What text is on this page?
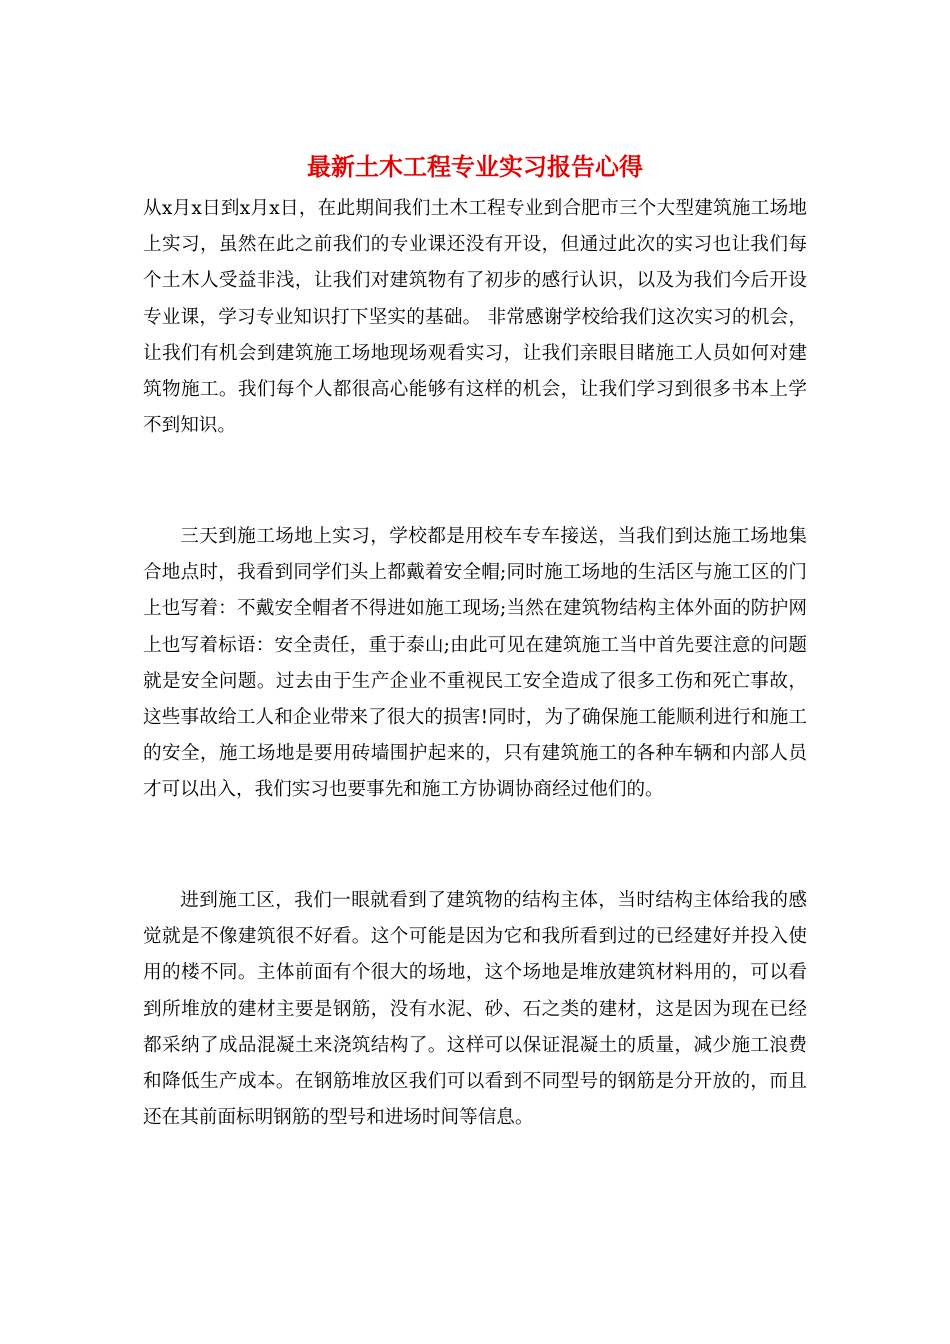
最新土木工程专业实习报告心得

从x月x日到x月x日，在此期间我们土木工程专业到合肥市三个大型建筑施工场地上实习，虽然在此之前我们的专业课还没有开设，但通过此次的实习也让我们每个土木人受益非浅，让我们对建筑物有了初步的感行认识，以及为我们今后开设专业课，学习专业知识打下坚实的基础。 非常感谢学校给我们这次实习的机会，让我们有机会到建筑施工场地现场观看实习，让我们亲眼目睹施工人员如何对建筑物施工。我们每个人都很高心能够有这样的机会，让我们学习到很多书本上学不到知识。

三天到施工场地上实习，学校都是用校车专车接送，当我们到达施工场地集合地点时，我看到同学们头上都戴着安全帽;同时施工场地的生活区与施工区的门上也写着：不戴安全帽者不得进如施工现场;当然在建筑物结构主体外面的防护网上也写着标语：安全责任，重于泰山;由此可见在建筑施工当中首先要注意的问题就是安全问题。过去由于生产企业不重视民工安全造成了很多工伤和死亡事故，这些事故给工人和企业带来了很大的损害!同时，为了确保施工能顺利进行和施工的安全，施工场地是要用砖墙围护起来的，只有建筑施工的各种车辆和内部人员才可以出入，我们实习也要事先和施工方协调协商经过他们的。

进到施工区，我们一眼就看到了建筑物的结构主体，当时结构主体给我的感觉就是不像建筑很不好看。这个可能是因为它和我所看到过的已经建好并投入使用的楼不同。主体前面有个很大的场地，这个场地是堆放建筑材料用的，可以看到所堆放的建材主要是钢筋，没有水泥、砂、石之类的建材，这是因为现在已经都采纳了成品混凝土来浇筑结构了。这样可以保证混凝土的质量，减少施工浪费和降低生产成本。在钢筋堆放区我们可以看到不同型号的钢筋是分开放的，而且还在其前面标明钢筋的型号和进场时间等信息。
